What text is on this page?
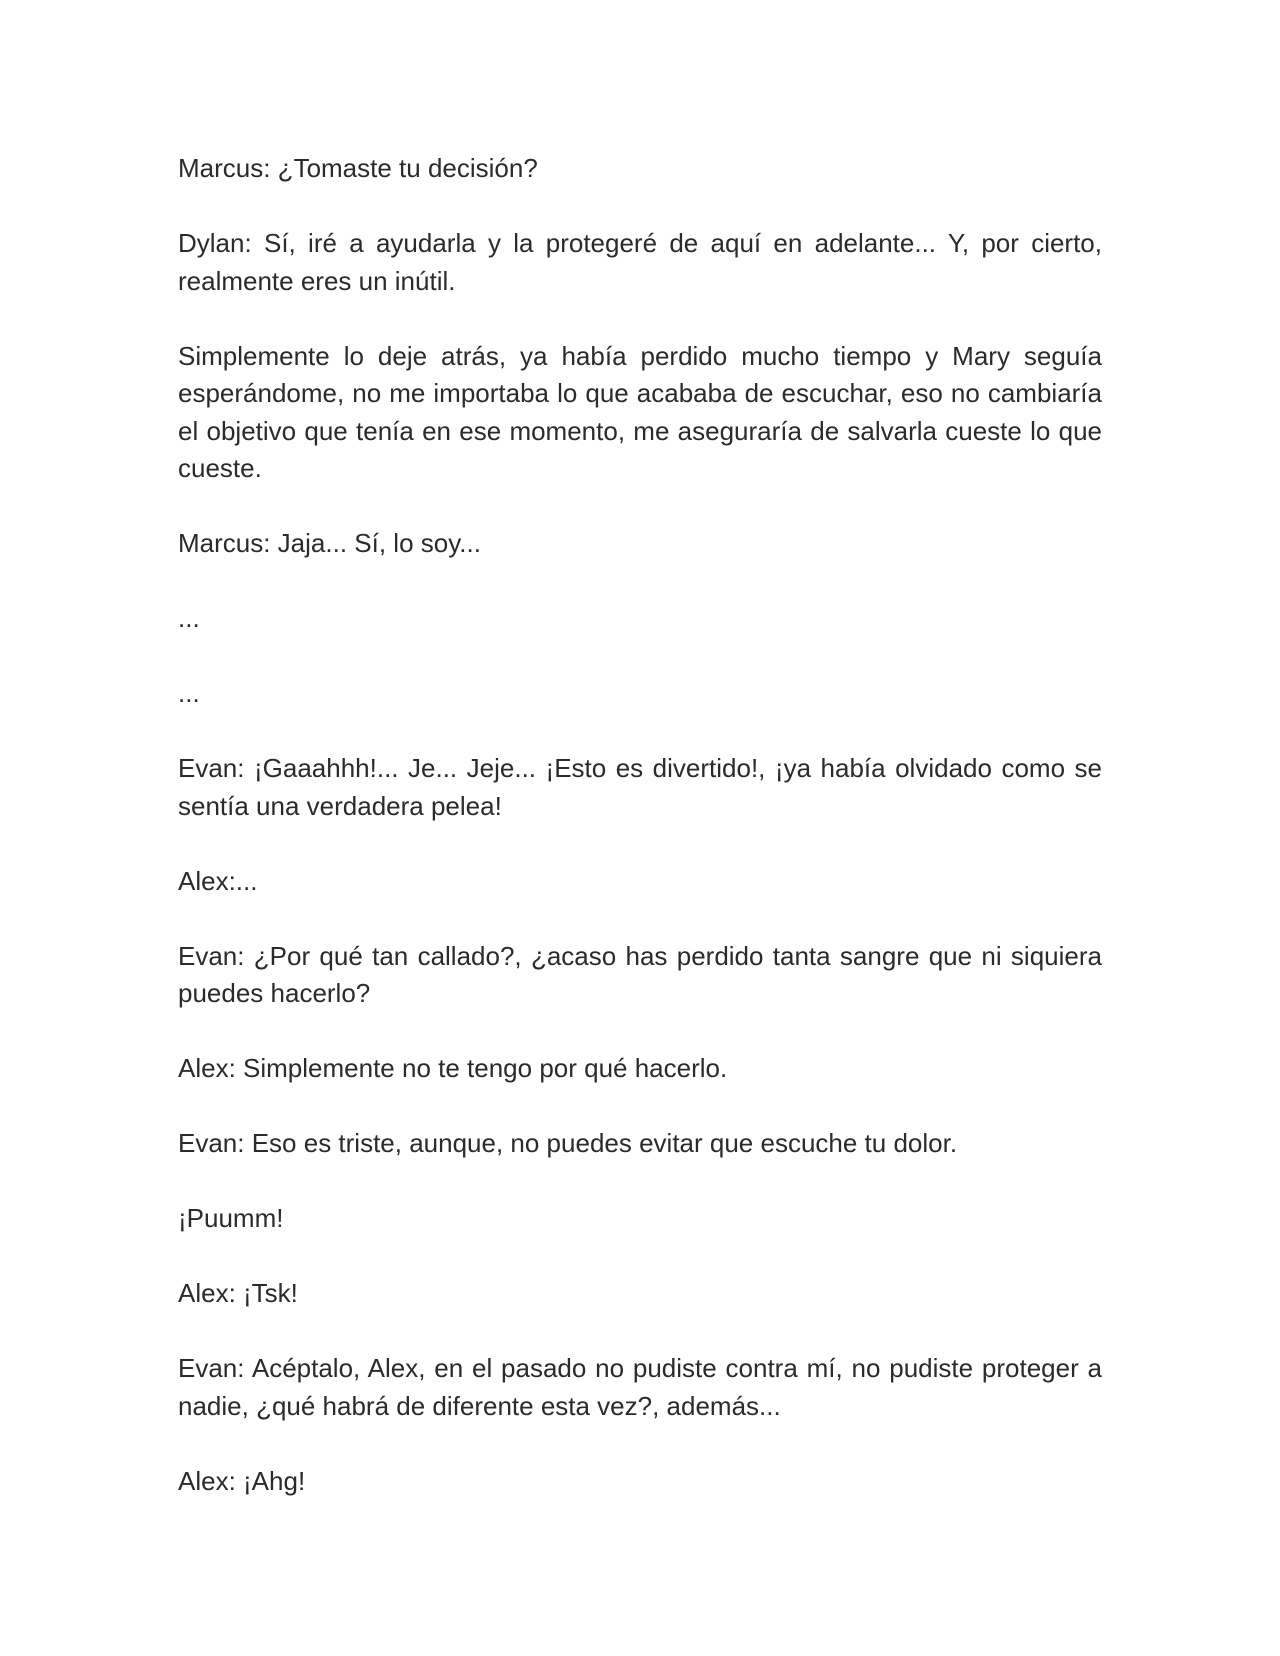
Marcus: ¿Tomaste tu decisión?

Dylan: Sí, iré a ayudarla y la protegeré de aquí en adelante... Y, por cierto, realmente eres un inútil.

Simplemente lo deje atrás, ya había perdido mucho tiempo y Mary seguía esperándome, no me importaba lo que acababa de escuchar, eso no cambiaría el objetivo que tenía en ese momento, me aseguraría de salvarla cueste lo que cueste.

Marcus: Jaja... Sí, lo soy...

...

...

Evan: ¡Gaaahhh!... Je... Jeje... ¡Esto es divertido!, ¡ya había olvidado como se sentía una verdadera pelea!

Alex:...

Evan: ¿Por qué tan callado?, ¿acaso has perdido tanta sangre que ni siquiera puedes hacerlo?

Alex: Simplemente no te tengo por qué hacerlo.

Evan: Eso es triste, aunque, no puedes evitar que escuche tu dolor.

¡Puumm!

Alex: ¡Tsk!

Evan: Acéptalo, Alex, en el pasado no pudiste contra mí, no pudiste proteger a nadie, ¿qué habrá de diferente esta vez?, además...

Alex: ¡Ahg!
